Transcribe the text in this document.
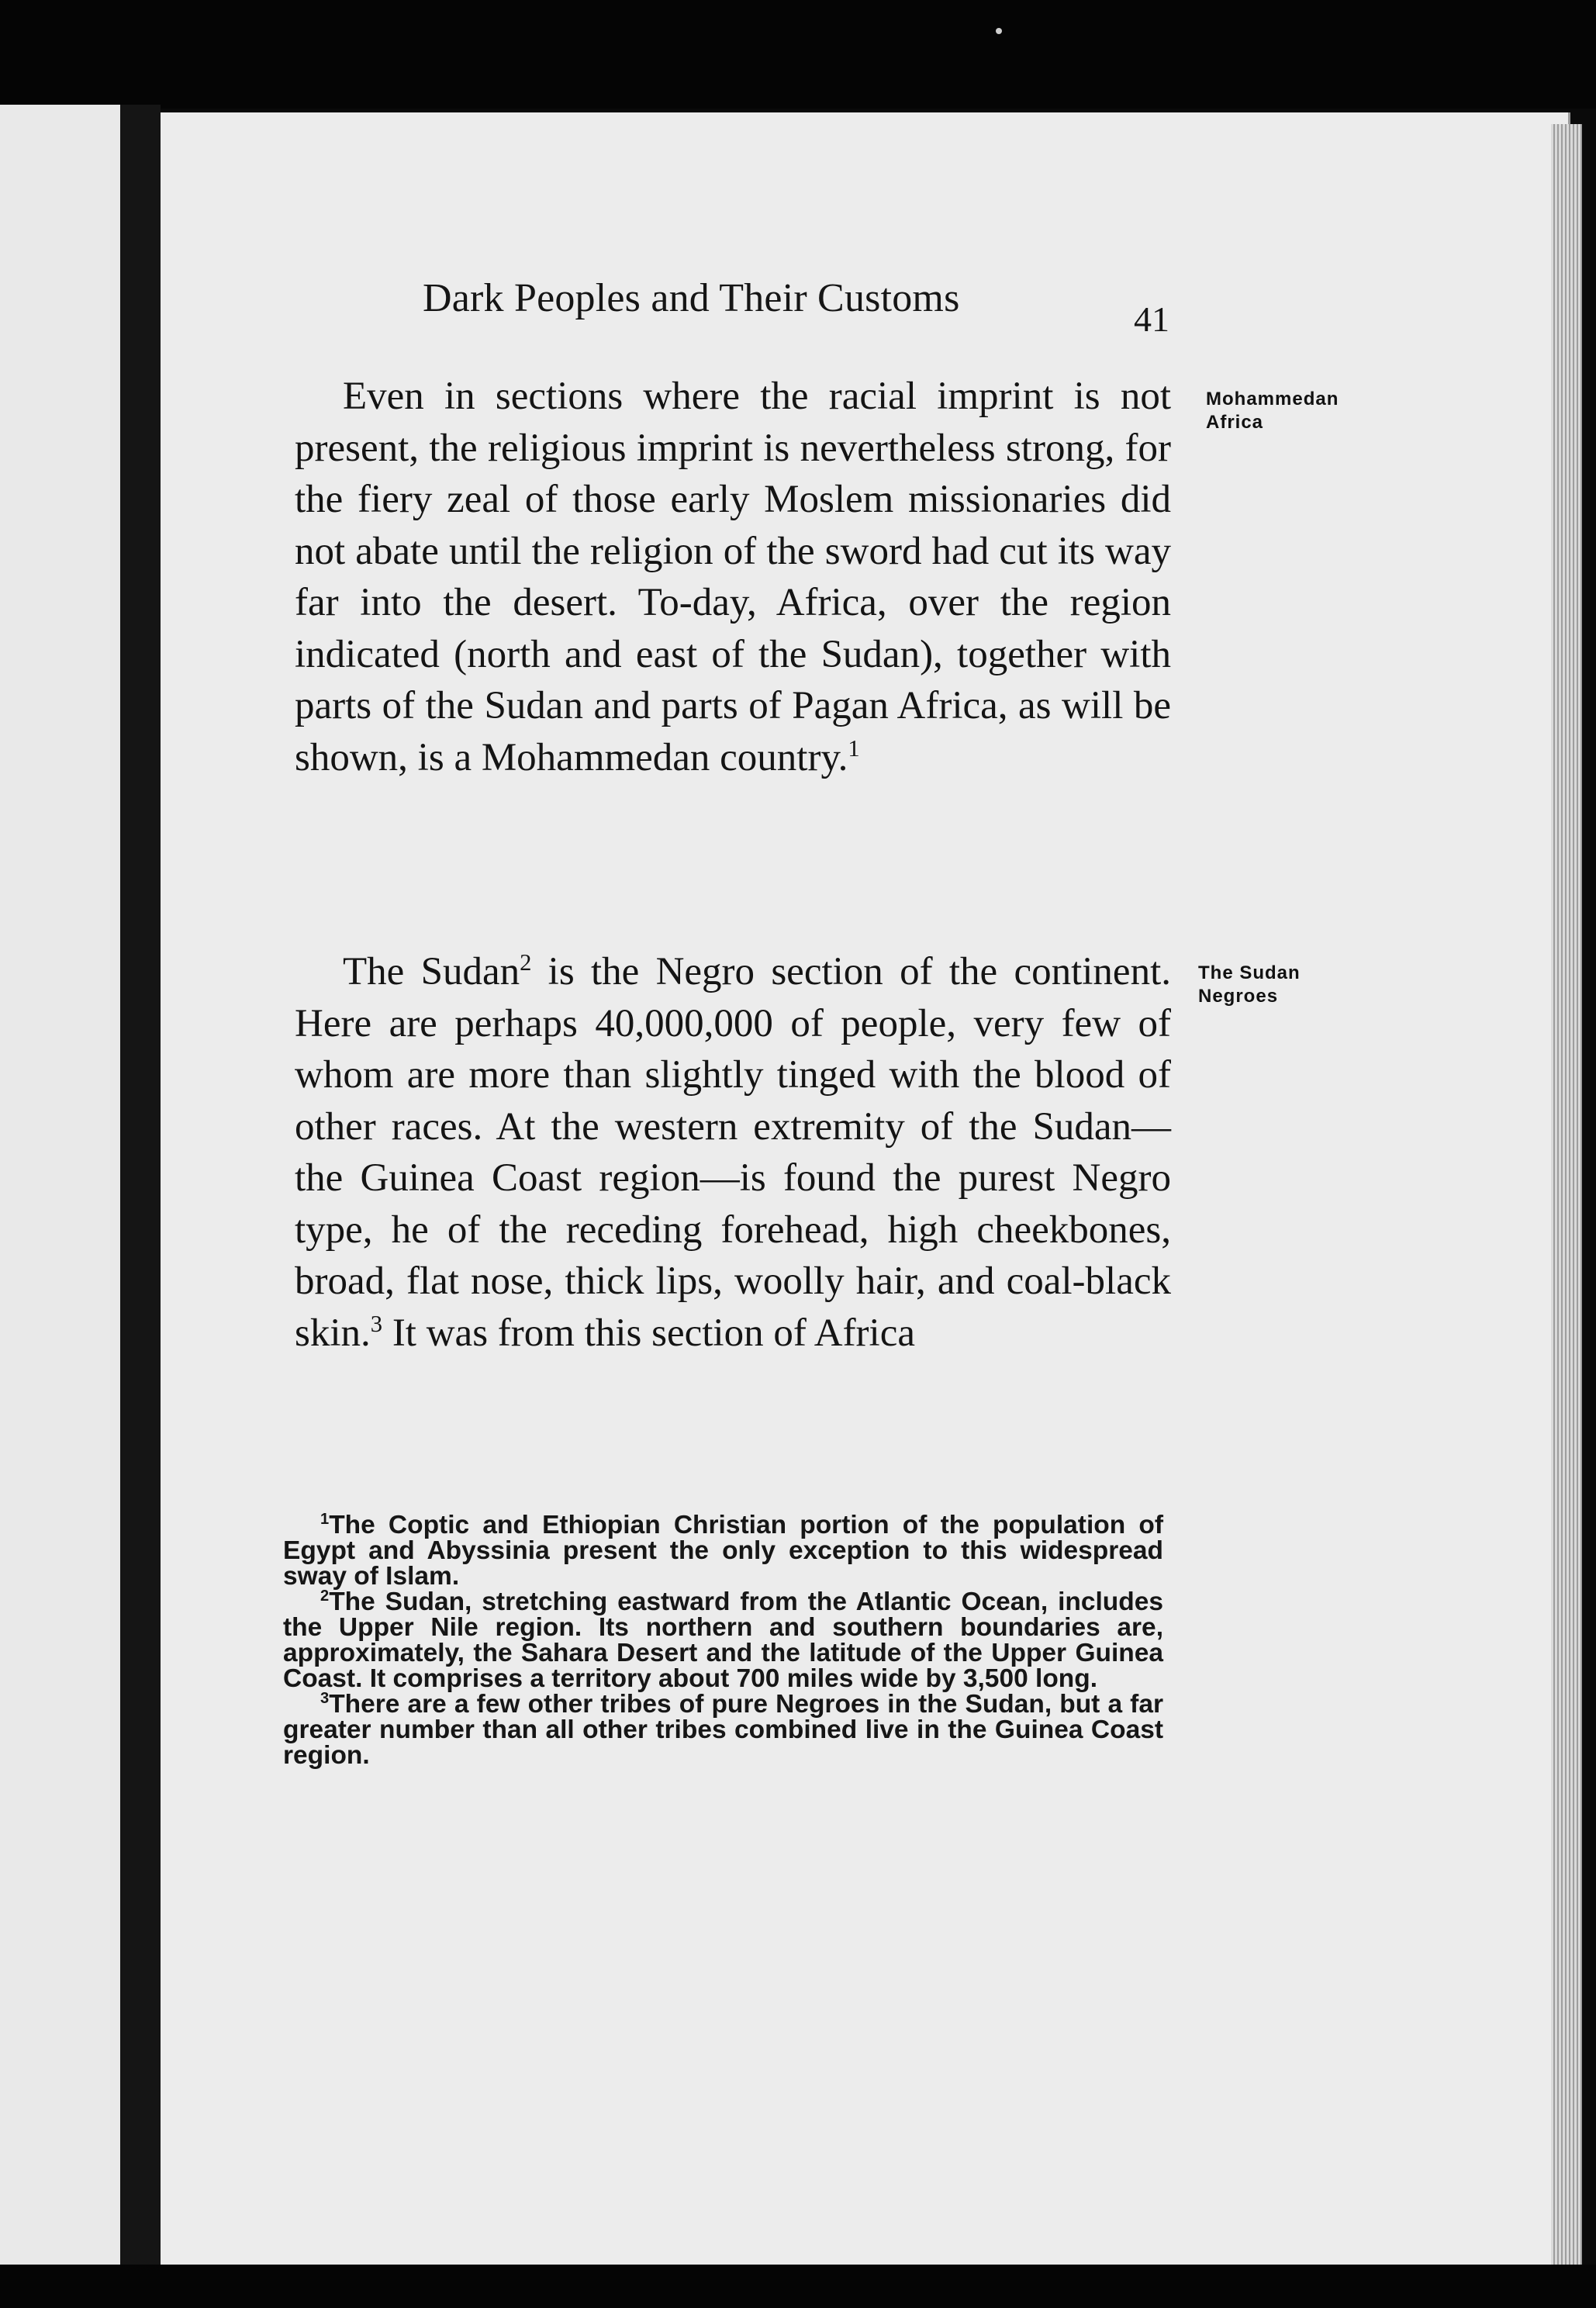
Dark Peoples and Their Customs	41

Even in sections where the racial imprint is not present, the religious imprint is nevertheless strong, for the fiery zeal of those early Moslem missionaries did not abate until the religion of the sword had cut its way far into the desert. To-day, Africa, over the region indicated (north and east of the Sudan), together with parts of the Sudan and parts of Pagan Africa, as will be shown, is a Mohammedan country.$^1$

Mohammedan
Africa

The Sudan$^2$ is the Negro section of the continent. Here are perhaps 40,000,000 of people, very few of whom are more than slightly tinged with the blood of other races. At the western extremity of the Sudan—the Guinea Coast region—is found the purest Negro type, he of the receding forehead, high cheekbones, broad, flat nose, thick lips, woolly hair, and coal-black skin.$^3$ It was from this section of Africa

The Sudan
Negroes

$^1$The Coptic and Ethiopian Christian portion of the population of Egypt and Abyssinia present the only exception to this widespread sway of Islam.

$^2$The Sudan, stretching eastward from the Atlantic Ocean, includes the Upper Nile region. Its northern and southern boundaries are, approximately, the Sahara Desert and the latitude of the Upper Guinea Coast. It comprises a territory about 700 miles wide by 3,500 long.

$^3$There are a few other tribes of pure Negroes in the Sudan, but a far greater number than all other tribes combined live in the Guinea Coast region.
